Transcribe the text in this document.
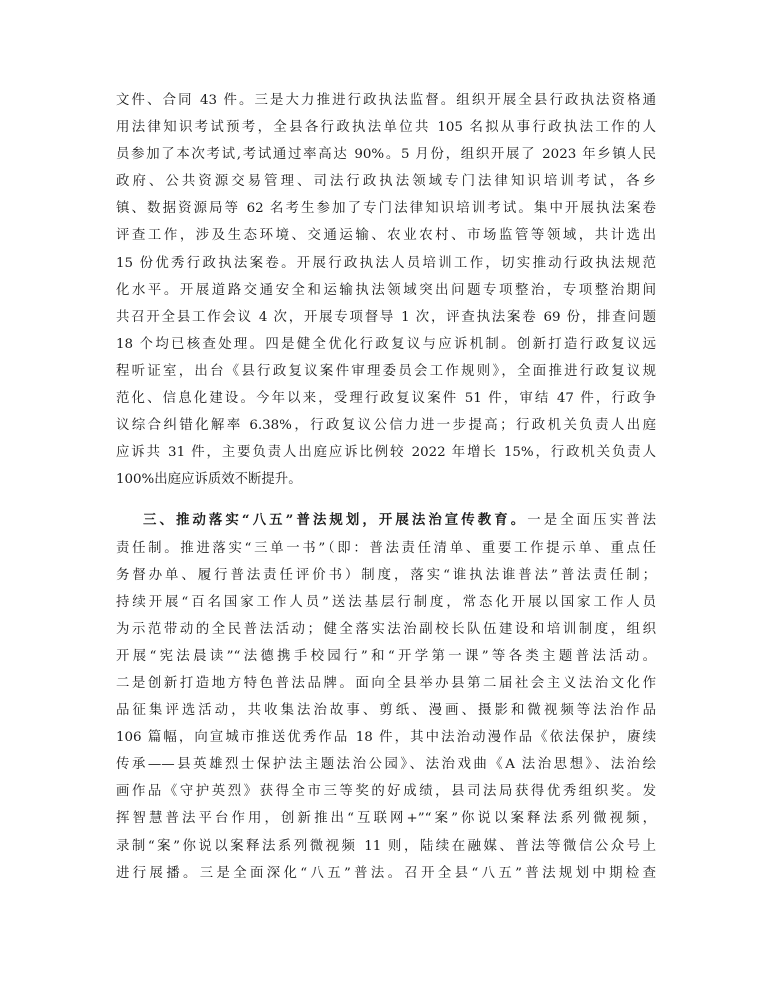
文件、合同 43 件。三是大力推进行政执法监督。组织开展全县行政执法资格通
用法律知识考试预考，全县各行政执法单位共 105 名拟从事行政执法工作的人
员参加了本次考试,考试通过率高达 90%。5 月份，组织开展了 2023 年乡镇人民
政府、公共资源交易管理、司法行政执法领域专门法律知识培训考试，各乡
镇、数据资源局等 62 名考生参加了专门法律知识培训考试。集中开展执法案卷
评查工作，涉及生态环境、交通运输、农业农村、市场监管等领域，共计选出
15 份优秀行政执法案卷。开展行政执法人员培训工作，切实推动行政执法规范
化水平。开展道路交通安全和运输执法领域突出问题专项整治，专项整治期间
共召开全县工作会议 4 次，开展专项督导 1 次，评查执法案卷 69 份，排查问题
18 个均已核查处理。四是健全优化行政复议与应诉机制。创新打造行政复议远
程听证室，出台《县行政复议案件审理委员会工作规则》，全面推进行政复议规
范化、信息化建设。今年以来，受理行政复议案件 51 件，审结 47 件，行政争
议综合纠错化解率 6.38%，行政复议公信力进一步提高；行政机关负责人出庭
应诉共 31 件，主要负责人出庭应诉比例较 2022 年增长 15%，行政机关负责人
100%出庭应诉质效不断提升。
三、推动落实“八五”普法规划，开展法治宣传教育。一是全面压实普法
责任制。推进落实“三单一书”（即：普法责任清单、重要工作提示单、重点任
务督办单、履行普法责任评价书）制度，落实“谁执法谁普法”普法责任制；
持续开展“百名国家工作人员”送法基层行制度，常态化开展以国家工作人员
为示范带动的全民普法活动；健全落实法治副校长队伍建设和培训制度，组织
开展“宪法晨读”“法德携手校园行”和“开学第一课”等各类主题普法活动。
二是创新打造地方特色普法品牌。面向全县举办县第二届社会主义法治文化作
品征集评选活动，共收集法治故事、剪纸、漫画、摄影和微视频等法治作品
106 篇幅，向宣城市推送优秀作品 18 件，其中法治动漫作品《依法保护，赓续
传承——县英雄烈士保护法主题法治公园》、法治戏曲《A 法治思想》、法治绘
画作品《守护英烈》获得全市三等奖的好成绩，县司法局获得优秀组织奖。发
挥智慧普法平台作用，创新推出“互联网+”“案”你说以案释法系列微视频，
录制“案”你说以案释法系列微视频 11 则，陆续在融媒、普法等微信公众号上
进行展播。三是全面深化“八五”普法。召开全县“八五”普法规划中期检查
